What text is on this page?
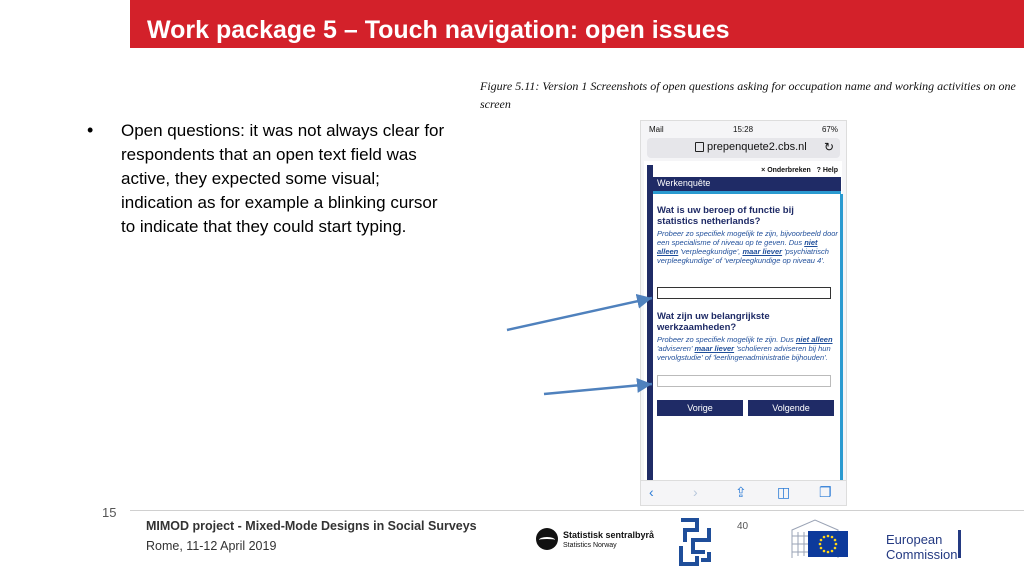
Work package 5 – Touch navigation: open issues
• Open questions: it was not always clear for respondents that an open text field was active, they expected some visual; indication as for example a blinking cursor to indicate that they could start typing.
Figure 5.11: Version 1 Screenshots of open questions asking for occupation name and working activities on one screen
Mail	15:28	67%
prepenquete2.cbs.nl ↻
× Onderbreken ? Help
Werkenquête
Wat is uw beroep of functie bij statistics netherlands?
Probeer zo specifiek mogelijk te zijn, bijvoorbeeld door een specialisme of niveau op te geven. Dus niet alleen 'verpleegkundige', maar liever 'psychiatrisch verpleegkundige' of 'verpleegkundige op niveau 4'.
Wat zijn uw belangrijkste werkzaamheden?
Probeer zo specifiek mogelijk te zijn. Dus niet alleen 'adviseren' maar liever 'scholieren adviseren bij hun vervolgstudie' of 'leerlingenadministratie bijhouden'.
Vorige	Volgende
‹	›	⇪ ◫ ❐
15
MIMOD project - Mixed-Mode Designs in Social Surveys
Rome, 11-12 April 2019
Statistisk sentralbyrå
Statistics Norway
40
European
Commission
